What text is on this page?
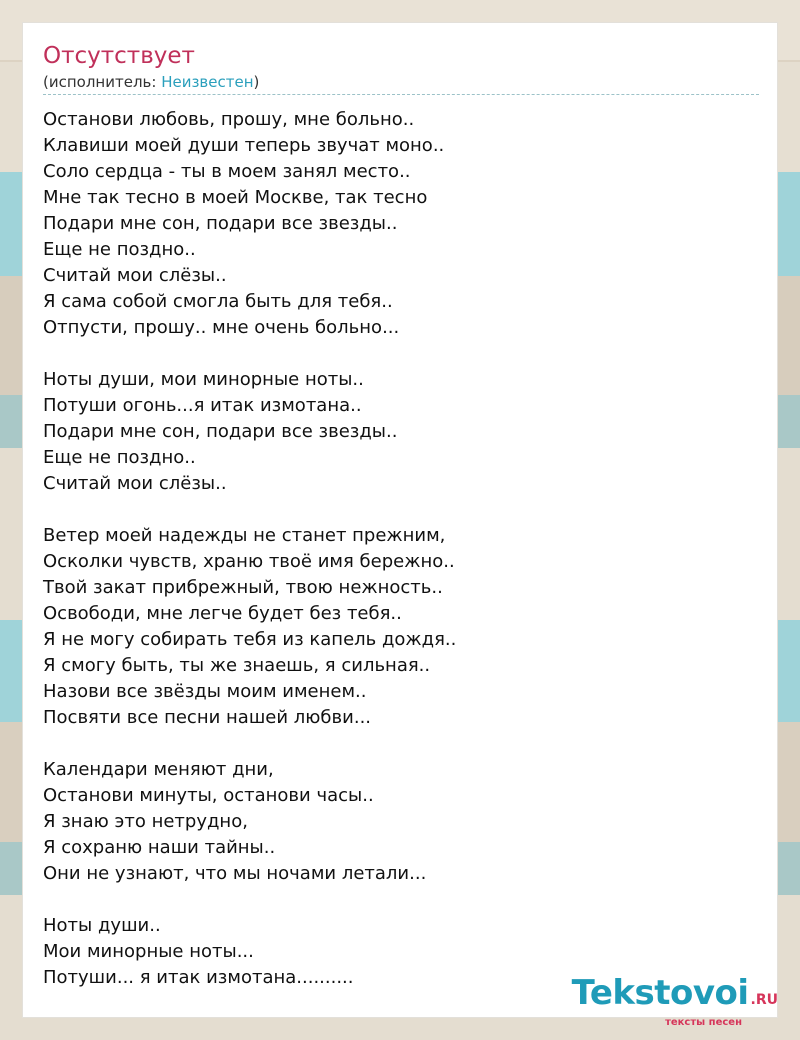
Отсутствует
(исполнитель: Неизвестен)
Останови любовь, прошу, мне больно..
Клавиши моей души теперь звучат моно..
Соло сердца - ты в моем занял место..
Мне так тесно в моей Москве, так тесно
Подари мне сон, подари все звезды..
Еще не поздно..
Считай мои слёзы..
Я сама собой смогла быть для тебя..
Отпусти, прошу.. мне очень больно...
Ноты души, мои минорные ноты..
Потуши огонь...я итак измотана..
Подари мне сон, подари все звезды..
Еще не поздно..
Считай мои слёзы..
Ветер моей надежды не станет прежним,
Осколки чувств, храню твоё имя бережно..
Твой закат прибрежный, твою нежность..
Освободи, мне легче будет без тебя..
Я не могу собирать тебя из капель дождя..
Я смогу быть, ты же знаешь, я сильная..
Назови все звёзды моим именем..
Посвяти все песни нашей любви...
Календари меняют дни,
Останови минуты, останови часы..
Я знаю это нетрудно,
Я сохраню наши тайны..
Они не узнают, что мы ночами летали...
Ноты души..
Мои минорные ноты...
Потуши... я итак измотана..........	Tekstovoi .RU
тексты песен
